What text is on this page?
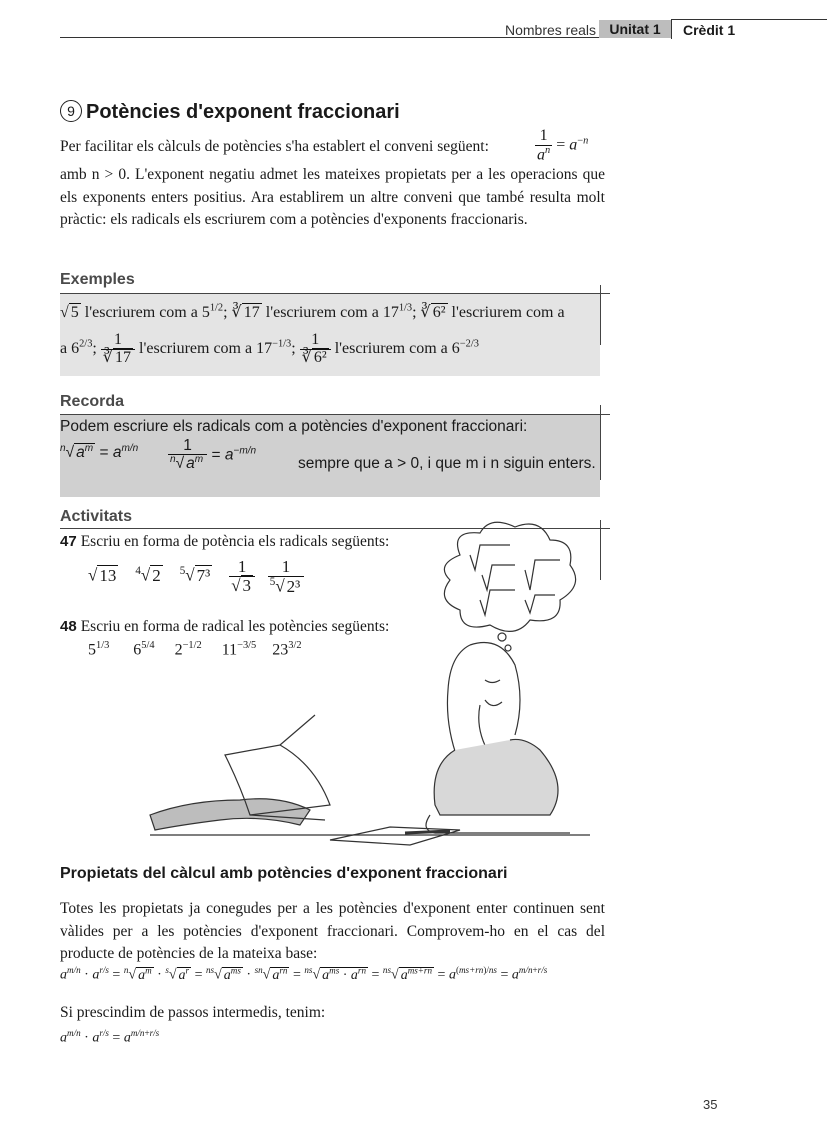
Nombres reals Unitat 1	Crèdit 1
9 Potències d'exponent fraccionari
Per facilitar els càlculs de potències s'ha establert el conveni següent:	$\frac{1}{a^n} = a^{-n}$
amb n > 0. L'exponent negatiu admet les mateixes propietats per a les operacions que els exponents enters positius. Ara establirem un altre conveni que també resulta molt pràctic: els radicals els escriurem com a potències d'exponents fraccionaris.
Exemples
√ 5 l'escriurem com a $5^{1/2}$; ∛ 17 l'escriurem com a $17^{1/3}$; ∛ 6² l'escriurem com a
a $6^{2/3}$; $\frac{1}{∛ 17}$ l'escriurem com a $17^{-1/3}$; $\frac{1}{\text{∛ 6²}}$ l'escriurem com a $6^{-2/3}$
Recorda
Podem escriure els radicals com a potències d'exponent fraccionari:
$^n$√ $a^m = a^{m/n} \frac{1}{^n√ a^m} = a^{-m/n}$
sempre que a > 0, i que m i n siguin enters.
Activitats
47 Escriu en forma de potència els radicals següents:
√ 13 $^4$√ 2 $^5$√ $7^3 \frac{1}{√ 3}$
$\frac{1}{^5√ 2^3}$
48 Escriu en forma de radical les potències següents:
$5^{1/3}$      $6^{5/4}$     $2^{-1/2}$     $11^{-3/5}$    $23^{3/2}$
Propietats del càlcul amb potències d'exponent fraccionari
Totes les propietats ja conegudes per a les potències d'exponent enter continuen sent vàlides per a les potències d'exponent fraccionari. Comprovem-ho en el cas del producte de potències de la mateixa base:
$a^{m/n} \cdot a^{r/s} = ^n√$ $a^m \cdot ^s√$ $a^r = ^{ns}√$ $a^{ms} \cdot ^{sn}√$ $a^{rn} = ^{ns}√$ $a^{ms} \cdot a^{rn} = ^{ns}√$ $a^{ms+rn} = a^{(ms+rn)/ns} = a^{m/n+r/s}$
Si prescindim de passos intermedis, tenim:
$a^{m/n} \cdot a^{r/s} = a^{m/n+r/s}$
35
